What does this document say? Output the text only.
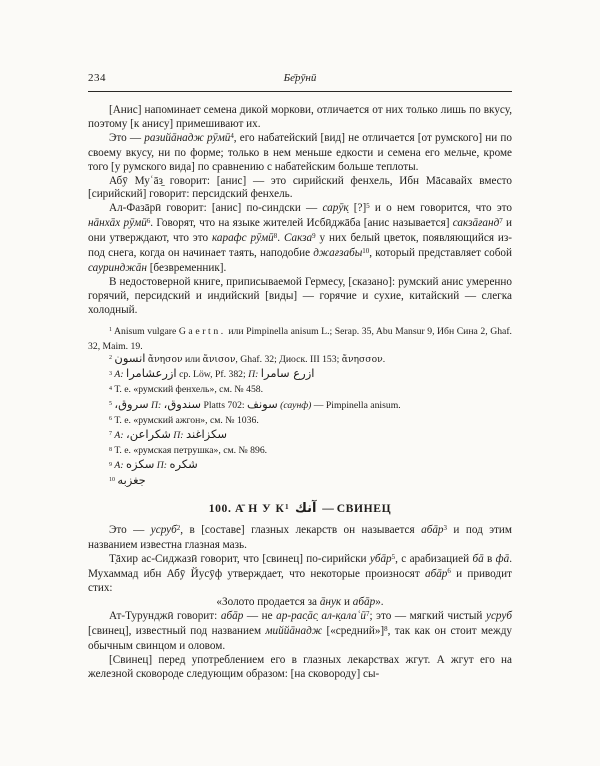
234	Бе̄рӯнӣ

[Анис] напоминает семена дикой моркови, отличается от них только лишь по вкусу, поэтому [к анису] примешивают их.

Это — разийāнадж рӯмӣ$^4$, его набатейский [вид] не отличается [от румского] ни по своему вкусу, ни по форме; только в нем меньше едкости и семена его мельче, кроме того [у румского вида] по сравнению с набатейским больше теплоты.

Абӯ Муʿāз̱ говорит: [анис] — это сирийский фенхель, Ибн Мāсавайх вместо [сирийский] говорит: персидский фенхель.

Ал-Фазāрӣ говорит: [анис] по-синдски — сарӯк̣ [?]$^5$ и о нем говорится, что это нāнхāх рӯмӣ$^6$. Говорят, что на языке жителей Исбӣджāба [анис называется] сакзāғанд$^7$ и они утверждают, что это карафс рӯмӣ$^8$. Сакза$^9$ у них белый цветок, появляющийся из-под снега, когда он начинает таять, наподобие джағзабы$^{10}$, который представляет собой сауринджāн [безвременник].

В недостоверной книге, приписываемой Гермесу, [сказано]: румский анис умеренно горячий, персидский и индийский [виды] — горячие и сухие, китайский — слегка холодный.

$^1$ Anisum vulgare Gaertn. или Pimpinella anisum L.; Serap. 35, Abu Mansur 9, Ибн Сина 2, Ghaf. 32, Maim. 19.

$^2$ انسون ἄνησον или ἄνισον, Ghaf. 32; Диоск. III 153; ἄνησσον.

$^3$ А: ازرعشامرا ср. Löw, Pf. 382; П: ازرع سامرا

$^4$ Т. е. «румский фенхель», см. № 458.

$^5$ سروق، П: سندوق، Platts 702: سونف (саунф) — Pimpinella anisum.

$^6$ Т. е. «румский ажгон», см. № 1036.

$^7$ А: شكراعن، П: سكزاغند

$^8$ Т. е. «румская петрушка», см. № 896.

$^9$ А: سكزه П: شكره

$^{10}$ جغزبه

100. А̄ Н У $К^1$  آنك — СВИНЕЦ

Это — усруб$^2$, в [составе] глазных лекарств он называется абāр$^3$ и под этим названием известна глазная мазь.

Т̣āхир ас-Сиджазӣ говорит, что [свинец] по-сирийски убāр$^5$, с арабизацией бā в фā. Мухаммад ибн Абӯ Йусӯф утверждает, что некоторые произносят абāр$^6$ и приводит стих:

«Золото продается за āнук и абāр».

Ат-Турунджӣ говорит: абāр — не ар-рас̣āс̣ ал-к̣алаʿӣ$^7$; это — мягкий чистый усруб [свинец], известный под названием миййāнадж [«средний»]$^8$, так как он стоит между обычным свинцом и оловом.

[Свинец] перед употреблением его в глазных лекарствах жгут. А жгут его на железной сковороде следующим образом: [на сковороду] сы-
